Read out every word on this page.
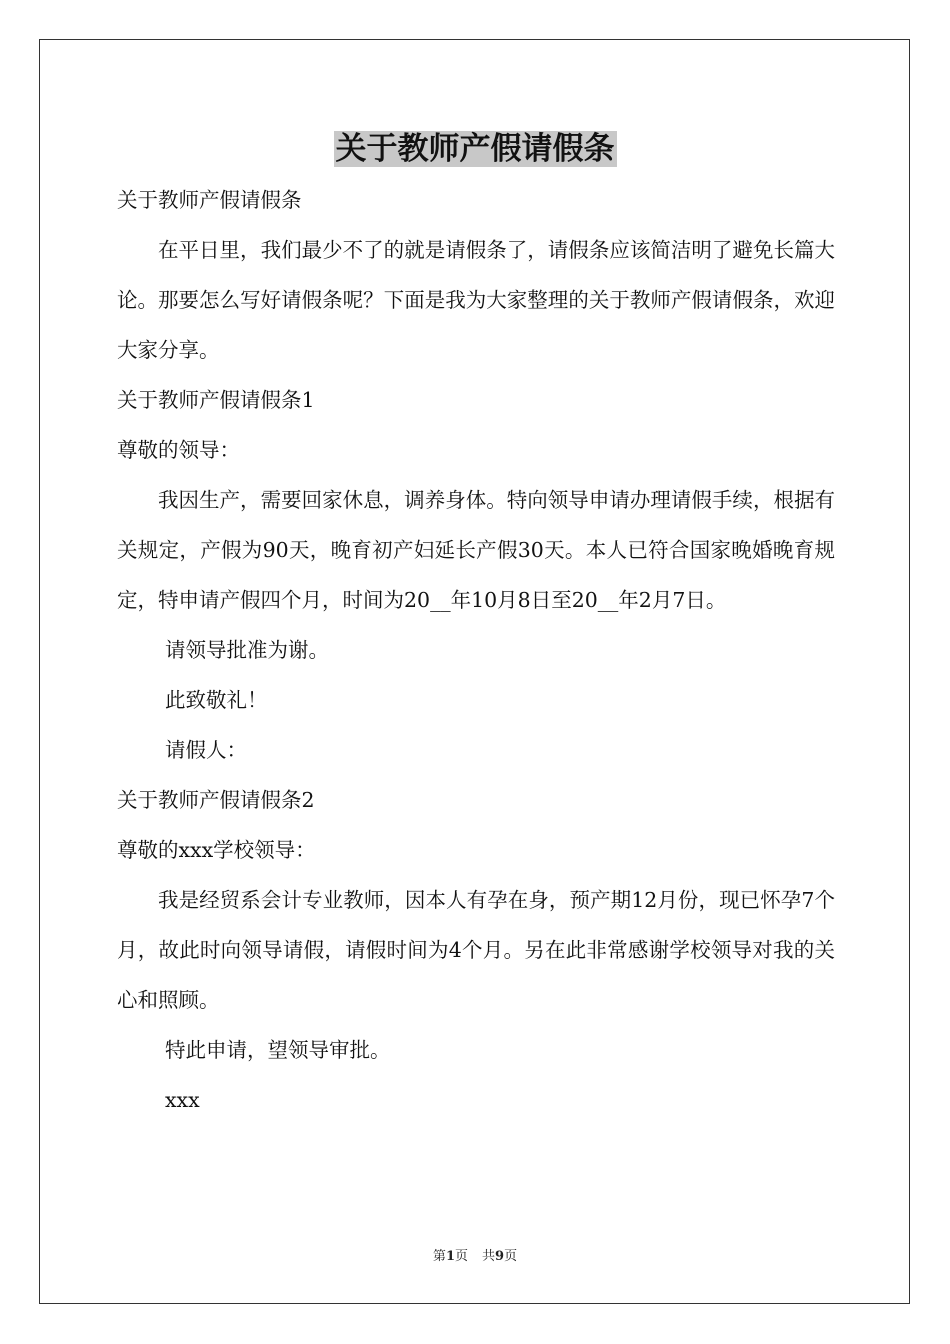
关于教师产假请假条

关于教师产假请假条

在平日里，我们最少不了的就是请假条了，请假条应该简洁明了避免长篇大论。那要怎么写好请假条呢？下面是我为大家整理的关于教师产假请假条，欢迎大家分享。

关于教师产假请假条1

尊敬的领导：

我因生产，需要回家休息，调养身体。特向领导申请办理请假手续，根据有关规定，产假为90天，晚育初产妇延长产假30天。本人已符合国家晚婚晚育规定，特申请产假四个月，时间为20__年10月8日至20__年2月7日。

请领导批准为谢。

此致敬礼！

请假人：

关于教师产假请假条2

尊敬的xxx学校领导：

我是经贸系会计专业教师，因本人有孕在身，预产期12月份，现已怀孕7个月，故此时向领导请假，请假时间为4个月。另在此非常感谢学校领导对我的关心和照顾。

特此申请，望领导审批。

xxx

第1页 共9页
